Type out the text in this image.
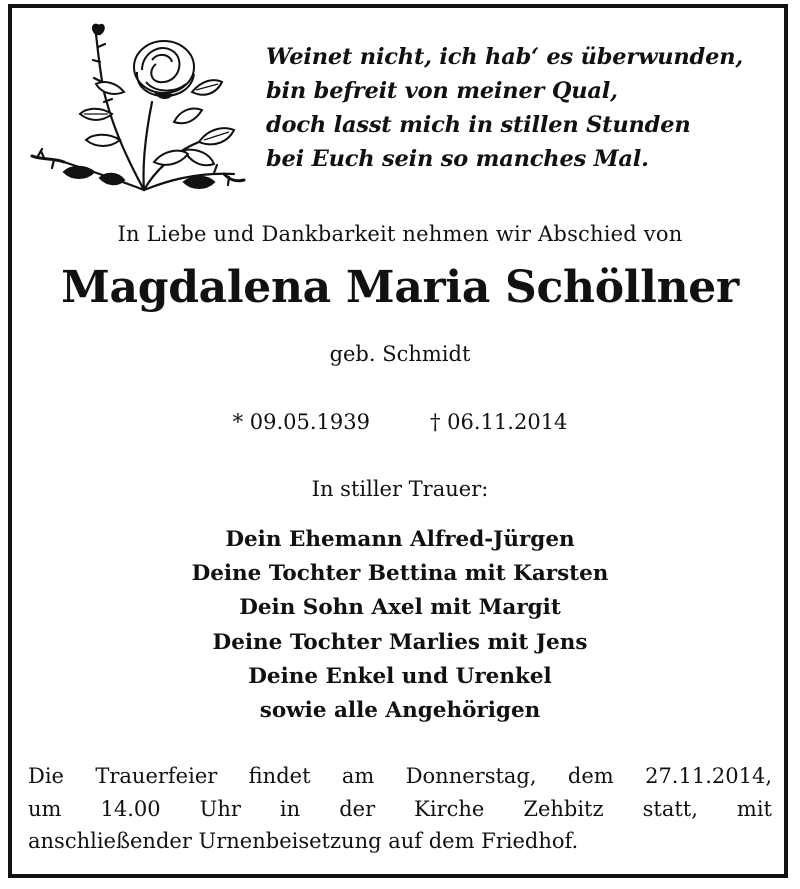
Weinet nicht, ich hab‘ es überwunden,
bin befreit von meiner Qual,
doch lasst mich in stillen Stunden
bei Euch sein so manches Mal.
In Liebe und Dankbarkeit nehmen wir Abschied von
Magdalena Maria Schöllner
geb. Schmidt
* 09.05.1939	† 06.11.2014
In stiller Trauer:
Dein Ehemann Alfred-Jürgen
Deine Tochter Bettina mit Karsten
Dein Sohn Axel mit Margit
Deine Tochter Marlies mit Jens
Deine Enkel und Urenkel
sowie alle Angehörigen
Die Trauerfeier findet am Donnerstag, dem 27.11.2014,
um 14.00 Uhr in der Kirche Zehbitz statt, mit
anschließender Urnenbeisetzung auf dem Friedhof.
